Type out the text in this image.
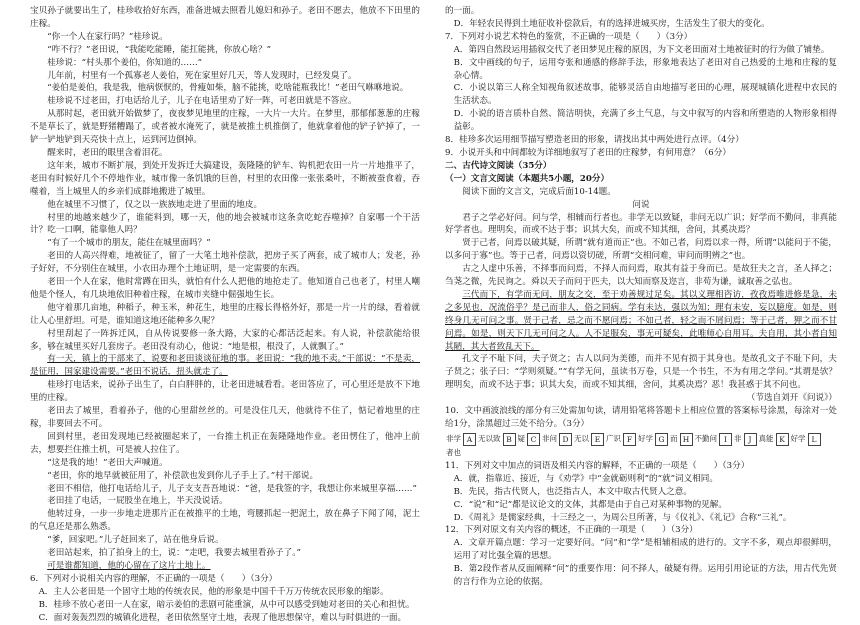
宝贝孙子就要出生了，桂珍收拾好东西，准备进城去照看儿媳妇和孙子。老田不愿去，他放不下田里的庄稼。

“你一个人在家行吗？”桂珍说。

“咋不行？”老田说，“我能吃能睡，能扛能挑，你放心啥？”

桂珍说：“村头那个姜伯，你知道的……”

儿年前，村里有一个孤寡老人姜伯，死在家里好几天，等人发现时，已经发臭了。

“姜伯是姜伯，我是我，他病恹恹的，骨瘦如柴，脑不能挑，吃啥能瓶我比！”老田气咻咻地说。

桂珍说不过老田，打电话给儿子，儿子在电话里劝了好一阵，可老田就是不答应。

从那时起，老田就开始做梦了，夜夜梦见地里的庄稼，一大片一大片。在梦里，那郁郁葱葱的庄稼不是草长了，就是野猪糟蹋了，或者被水淹死了，就是被推土机推倒了，他就拿着他的铲子铲掉了，一铲一铲地铲到天亮快十点上，运到河边倒掉。

醒来时，老田的眼里含着泪花。

这年来，城市不断扩展，到处开发拆迁大搞建设，轰隆隆的铲车、钩机把农田一片一片地推平了，老田有时候好几个不停地作业，城市像一条饥饿的巨兽，村里的农田像一张张桑叶，不断被蚕食着，吞噬着，当上城里人的乡亲们成群地搬进了城里。

他在城里不习惯了，仅之以一族族地走进了里面的地皮。

村里的地越来越少了，谁能料到，哪一天，他的地会被城市这条贪吃蛇吞噬掉？自家哪一个干活计？吃一口啊，能靠他人吗？

“有了一个城市的朋友，能住在城里面吗？”

老田的人高兴得难，地被征了，留了一大笔土地补偿款，把房子买了两套，成了城市人；发老，孙子好好，不分别住在城里，小农田办理个土地证明，是一定需要的东西。

老田一个人在家，他时常蹲在田头，就怕有什么人把他的地抢走了。他知道自己也老了，村里人嘲他是个怪人，有几块地依旧种着庄稼，在城市夹缝中倔强地生长。

他守着那几亩地，种稻子，种玉米，种花生，地里的庄稼长得格外好，那是一片一片的绿，看着就让人心里舒坦。可是，谁知道这地还能种多久呢？

村里刮起了一阵拆迁风，自从传说要修一条大路，大家的心都活泛起来。有人说，补偿款能给很多，够在城里买好几套房子。老田没有动心，他说：“地是根，根没了，人就飘了。”

有一天，镇上的干部来了，说要和老田谈谈征地的事。老田说：“我的地不卖。”干部说：“不是卖，是征用，国家建设需要。”老田不说话，扭头就走了。

桂珍打电话来，说孙子出生了，白白胖胖的，让老田进城看看。老田答应了，可心里还是放不下地里的庄稼。

老田去了城里，看着孙子，他的心里甜丝丝的。可是没住几天，他就待不住了，惦记着地里的庄稼，非要回去不可。

回到村里，老田发现地已经被圈起来了，一台推土机正在轰隆隆地作业。老田愣住了，他冲上前去，想要拦住推土机，可是被人拉住了。

“这是我的地！”老田大声喊道。

“老田，你的地早就被征用了，补偿款也发到你儿子手上了。”村干部说。

老田不相信，他打电话给儿子，儿子支支吾吾地说：“爸，是我签的字，我想让你来城里享福……”

老田挂了电话，一屁股坐在地上，半天没说话。

他转过身，一步一步地走进那片正在被推平的土地，弯腰抓起一把泥土，放在鼻子下闻了闻，泥土的气息还是那么熟悉。

“爹，回家吧。”儿子赶回来了，站在他身后说。

老田站起来，拍了拍身上的土，说：“走吧，我要去城里看孙子了。”

可是谁都知道，他的心留在了这片土地上。

6．下列对小说相关内容的理解，不正确的一项是（　　）（3分）

A．主人公老田是一个固守土地的传统农民，他的形象是中国千千万万传统农民形象的缩影。

B．桂珍不放心老田一人在家，暗示姜伯的悲剧可能重演，从中可以感受到她对老田的关心和担忧。

C．面对轰轰烈烈的城镇化进程，老田依然坚守土地，表现了他思想保守，难以与时俱进的一面。

的一面。

D．年轻农民得到土地征收补偿款后，有的选择进城买房，生活发生了很大的变化。

7．下列对小说艺术特色的鉴赏，不正确的一项是（　　）（3分）

A．第四自然段运用插叙交代了老田梦见庄稼的原因，为下文老田面对土地被征时的行为做了铺垫。

B．文中画线的句子，运用夸张和通感的修辞手法，形象地表达了老田对自己热爱的土地和庄稼的复杂心情。

C．小说以第三人称全知视角叙述故事，能够灵活自由地描写老田的心理，展现城镇化进程中农民的生活状态。

D．小说的语言质朴自然、简洁明快，充满了乡土气息，与文中叙写的内容和所塑造的人物形象相得益彰。

8．桂珍多次运用细节描写塑造老田的形象，请找出其中两处进行点评。（4分）

9．小说开头和中间都较为详细地叙写了老田的庄稼梦，有何用意？（6分）

二、古代诗文阅读（35分）

（一）文言文阅读（本题共5小题，20分）

阅读下面的文言文，完成后面10-14题。

问说

君子之学必好问。问与学，相辅而行者也。非学无以致疑，非问无以广识；好学而不勤问，非真能好学者也。理明矣，而或不达于事；识其大矣，而或不知其细，舍问，其奚决焉？

贤于己者，问焉以破其疑，所谓“就有道而正”也。不如己者，问焉以求一得，所谓“以能问于不能，以多问于寡”也。等于己者，问焉以资切磋，所谓“交相问难，审问而明辨之”也。

古之人虚中乐善，不择事而问焉，不择人而问焉，取其有益于身而已。是故狂夫之言，圣人择之；刍荛之微，先民询之。舜以天子而问于匹夫，以大知而察及迩言，非苟为谦，诚取善之弘也。

三代而下，有学而无问，朋友之交，至于劝善规过足矣。其以义理相咨访，孜孜焉唯进修是急，未之多见也，况流俗乎？是己而非人，俗之同病。学有未达，强以为知；理有未安，妄以臆度。如是，则终身几无可问之事。贤于己者，忌之而不愿问焉；不如己者，轻之而不屑问焉；等于己者，狎之而不甘问焉。如是，则天下几无可问之人。人不足服矣，事无可疑矣，此唯师心自用耳。夫自用，其小者自知其陋，其大者致乱天下。

孔文子不耻下问，夫子贤之；古人以问为美德，而并不见有损于其身也。是故孔文子不耻下问，夫子贤之；张子曰：“学则须疑。”“有学无问，虽读书万卷，只是一个书生，不为有用之学问。”其谓是欤？理明矣，而或不达于事；识其大矣，而或不知其细，舍问，其奚决焉？恶！我甚惑于其不问也。

（节选自刘开《问说》）

10．文中画波浪线的部分有三处需加句读，请用铅笔将答题卡上相应位置的答案标号涂黑，每涂对一处给1分，涂黑超过三处不给分。（3分）

非学 A 无以致 B 疑 C 非问 D 无以 E 广识 F 好学 G 而 H 不勤问 I 非 J 真能 K 好学 L
者也

11．下列对文中加点的词语及相关内容的解释，不正确的一项是（　　）（3分）

A．就，指靠近、接近，与《劝学》中“金就砺则利”的“就”词义相同。

B．先民，指古代贤人，也泛指古人，本文中取古代贤人之意。

C．“说”和“记”都是议论文的文体，其都是由于自己对某种事物的见解。

D．《周礼》是儒家经典，十三经之一，为周公旦所著，与《仪礼》、《礼记》合称“三礼”。

12．下列对原文有关内容的概述，不正确的一项是（　　）（3分）

A．文章开篇点题：学习一定要好问。“问”和“学”是相辅相成的进行的。文字不多，观点却很鲜明，运用了对比强全篇的思想。

B．第2段作者从反面阐释“问”的重要作用：问不择人，破疑有得。运用引用论证的方法，用古代先贤的言行作为立论的依据。
